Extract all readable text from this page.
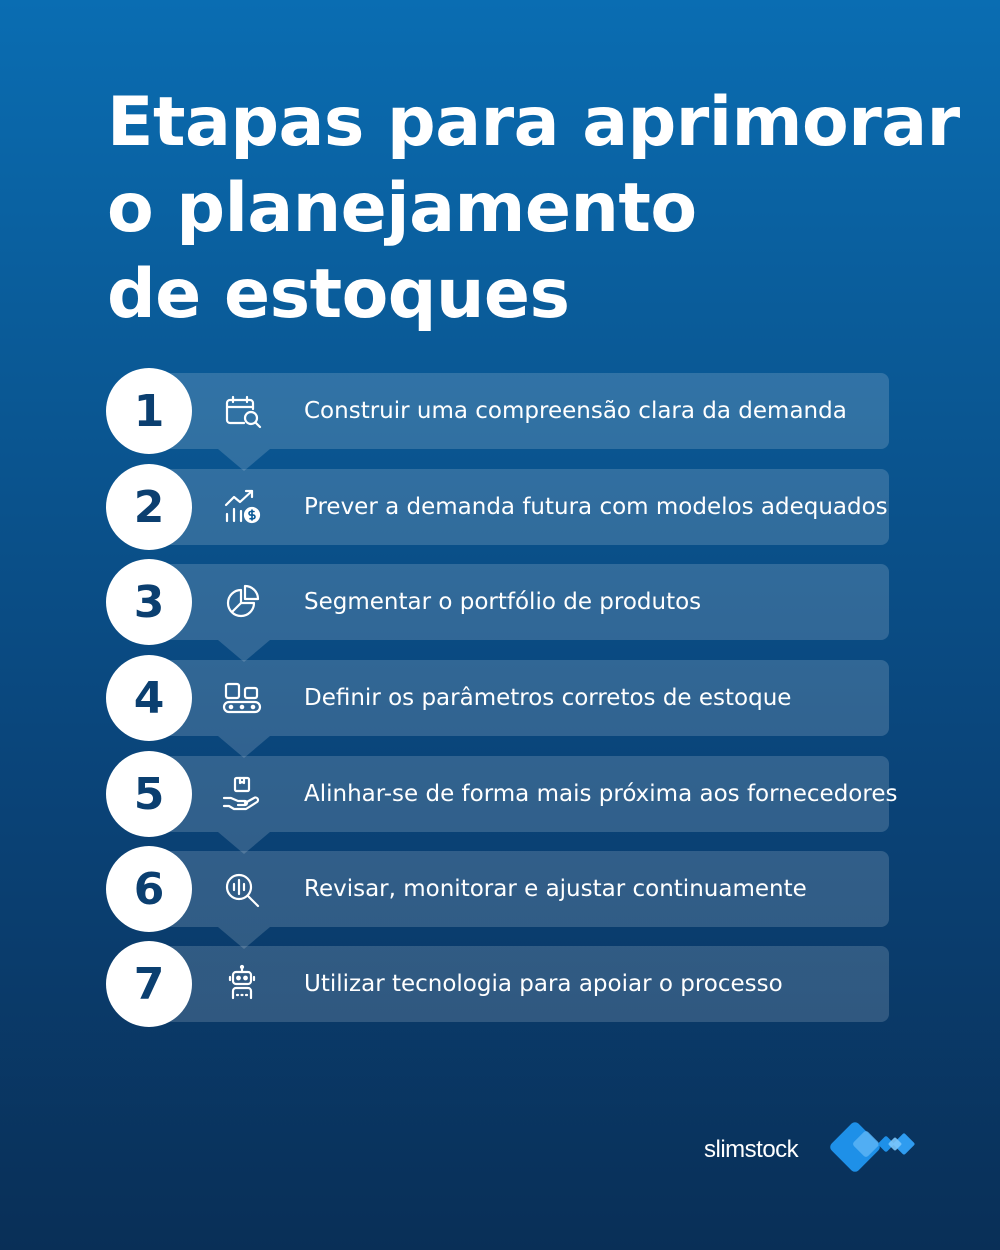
Etapas para aprimorar
o planejamento
de estoques
1	Construir uma compreensão clara da demanda
2	Prever a demanda futura com modelos adequados
3	Segmentar o portfólio de produtos
4	Definir os parâmetros corretos de estoque
5	Alinhar-se de forma mais próxima aos fornecedores
6	Revisar, monitorar e ajustar continuamente
7	Utilizar tecnologia para apoiar o processo
slimstock
